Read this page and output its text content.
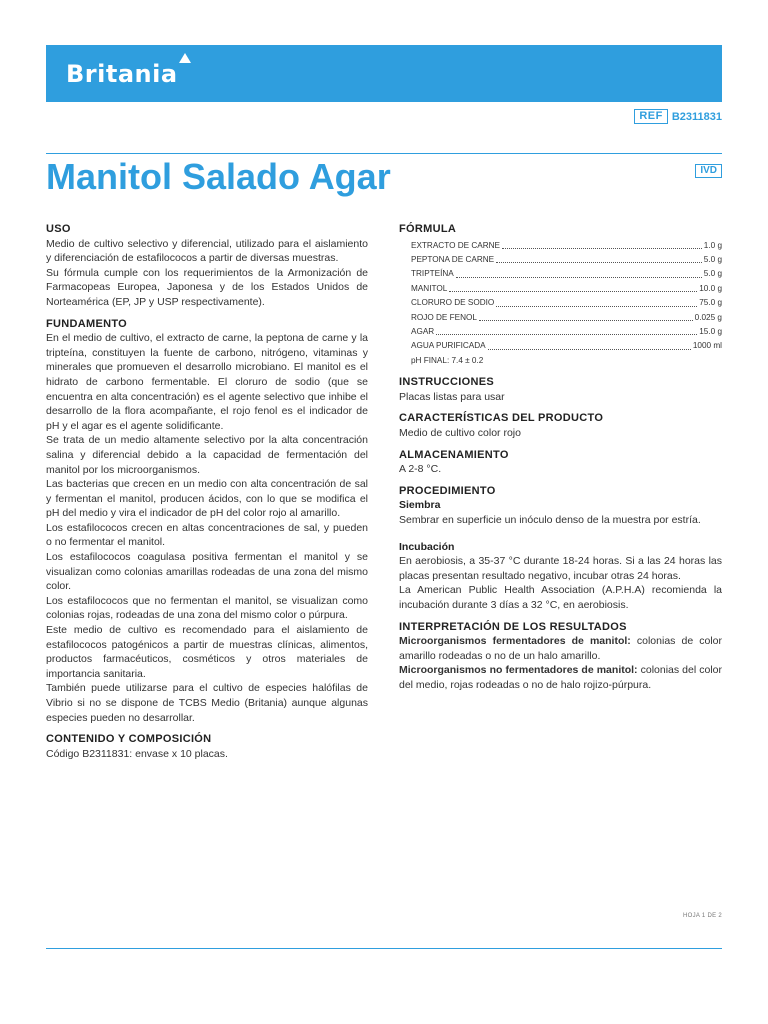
Britania
REF B2311831
Manitol Salado Agar	IVD
USO

Medio de cultivo selectivo y diferencial, utilizado para el aislamiento y diferenciación de estafilococos a partir de diversas muestras.

Su fórmula cumple con los requerimientos de la Armonización de Farmacopeas Europea, Japonesa y de los Estados Unidos de Norteamérica (EP, JP y USP respectivamente).

FUNDAMENTO

En el medio de cultivo, el extracto de carne, la peptona de carne y la tripteína, constituyen la fuente de carbono, nitrógeno, vitaminas y minerales que promueven el desarrollo microbiano. El manitol es el hidrato de carbono fermentable. El cloruro de sodio (que se encuentra en alta concentración) es el agente selectivo que inhibe el desarrollo de la flora acompañante, el rojo fenol es el indicador de pH y el agar es el agente solidificante.

Se trata de un medio altamente selectivo por la alta concentración salina y diferencial debido a la capacidad de fermentación del manitol por los microorganismos.

Las bacterias que crecen en un medio con alta concentración de sal y fermentan el manitol, producen ácidos, con lo que se modifica el pH del medio y vira el indicador de pH del color rojo al amarillo.

Los estafilococos crecen en altas concentraciones de sal, y pueden o no fermentar el manitol.

Los estafilococos coagulasa positiva fermentan el manitol y se visualizan como colonias amarillas rodeadas de una zona del mismo color.

Los estafilococos que no fermentan el manitol, se visualizan como colonias rojas, rodeadas de una zona del mismo color o púrpura.

Este medio de cultivo es recomendado para el aislamiento de estafilococos patogénicos a partir de muestras clínicas, alimentos, productos farmacéuticos, cosméticos y otros materiales de importancia sanitaria.

También puede utilizarse para el cultivo de especies halófilas de Vibrio si no se dispone de TCBS Medio (Britania) aunque algunas especies pueden no desarrollar.

CONTENIDO Y COMPOSICIÓN

Código B2311831: envase x 10 placas.

FÓRMULA
EXTRACTO DE CARNE	1.0 g
PEPTONA DE CARNE	5.0 g
TRIPTEÍNA	5.0 g
MANITOL	10.0 g
CLORURO DE SODIO	75.0 g
ROJO DE FENOL	0.025 g
AGAR	15.0 g
AGUA PURIFICADA	1000 ml
pH FINAL: 7.4 ± 0.2
INSTRUCCIONES

Placas listas para usar

CARACTERÍSTICAS DEL PRODUCTO

Medio de cultivo color rojo

ALMACENAMIENTO

A 2-8 °C.

PROCEDIMIENTO

Siembra

Sembrar en superficie un inóculo denso de la muestra por estría.

Incubación

En aerobiosis, a 35-37 °C durante 18-24 horas. Si a las 24 horas las placas presentan resultado negativo, incubar otras 24 horas.

La American Public Health Association (A.P.H.A) recomienda la incubación durante 3 días a 32 °C, en aerobiosis.

INTERPRETACIÓN DE LOS RESULTADOS

Microorganismos fermentadores de manitol: colonias de color amarillo rodeadas o no de un halo amarillo.

Microorganismos no fermentadores de manitol: colonias del color del medio, rojas rodeadas o no de halo rojizo-púrpura.

HOJA 1 DE 2
